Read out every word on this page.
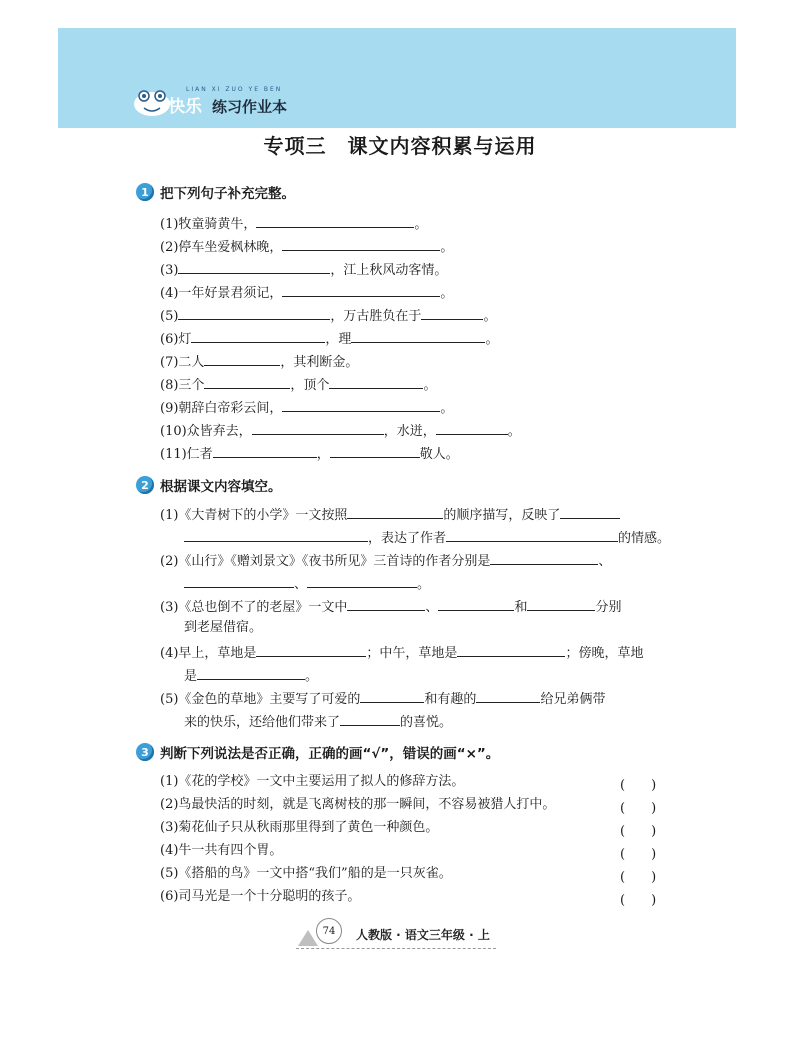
LIAN XI ZUO YE BEN
快乐 练习作业本
专项三　课文内容积累与运用
1 把下列句子补充完整。
(1)牧童骑黄牛，	。
(2)停车坐爱枫林晚，	。
(3)	，江上秋风动客情。
(4)一年好景君须记，	。
(5)	，万古胜负在于	。
(6)灯	，理	。
(7)二人	，其利断金。
(8)三个	，顶个	。
(9)朝辞白帝彩云间，	。
(10)众皆弃去，	，水迸，	。
(11)仁者	，	敬人。
2 根据课文内容填空。
(1)《大青树下的小学》一文按照	的顺序描写，反映了
，表达了作者	的情感。
(2)《山行》《赠刘景文》《夜书所见》三首诗的作者分别是	、
、	。
(3)《总也倒不了的老屋》一文中	、	和	分别
到老屋借宿。
(4)早上，草地是	；中午，草地是	；傍晚，草地
是	。
(5)《金色的草地》主要写了可爱的	和有趣的	给兄弟俩带
来的快乐，还给他们带来了	的喜悦。
3 判断下列说法是否正确，正确的画“√”，错误的画“×”。
(1)《花的学校》一文中主要运用了拟人的修辞方法。	(　　)
(2)鸟最快活的时刻，就是飞离树枝的那一瞬间，不容易被猎人打中。	(　　)
(3)菊花仙子只从秋雨那里得到了黄色一种颜色。	(　　)
(4)牛一共有四个胃。	(　　)
(5)《搭船的鸟》一文中搭“我们”船的是一只灰雀。	(　　)
(6)司马光是一个十分聪明的孩子。	(　　)
74	人教版 · 语文三年级 · 上
